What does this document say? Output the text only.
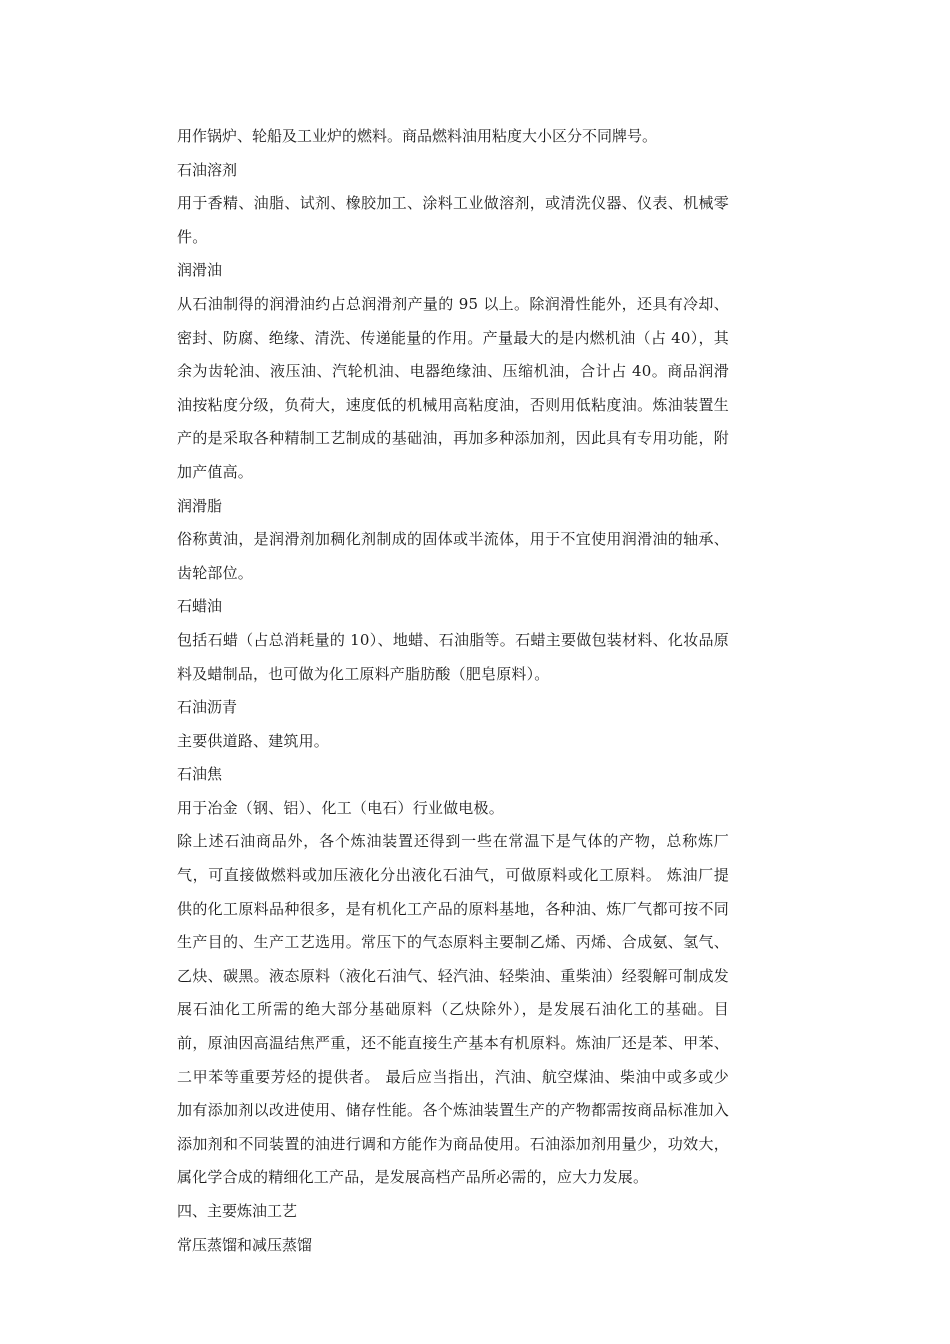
用作锅炉、轮船及工业炉的燃料。商品燃料油用粘度大小区分不同牌号。

石油溶剂

用于香精、油脂、试剂、橡胶加工、涂料工业做溶剂，或清洗仪器、仪表、机械零件。

润滑油

从石油制得的润滑油约占总润滑剂产量的 95 以上。除润滑性能外，还具有冷却、密封、防腐、绝缘、清洗、传递能量的作用。产量最大的是内燃机油（占 40），其余为齿轮油、液压油、汽轮机油、电器绝缘油、压缩机油，合计占 40。商品润滑油按粘度分级，负荷大，速度低的机械用高粘度油，否则用低粘度油。炼油装置生产的是采取各种精制工艺制成的基础油，再加多种添加剂，因此具有专用功能，附加产值高。

润滑脂

俗称黄油，是润滑剂加稠化剂制成的固体或半流体，用于不宜使用润滑油的轴承、齿轮部位。

石蜡油

包括石蜡（占总消耗量的 10）、地蜡、石油脂等。石蜡主要做包装材料、化妆品原料及蜡制品，也可做为化工原料产脂肪酸（肥皂原料）。

石油沥青

主要供道路、建筑用。

石油焦

用于冶金（钢、铝）、化工（电石）行业做电极。

除上述石油商品外，各个炼油装置还得到一些在常温下是气体的产物，总称炼厂气，可直接做燃料或加压液化分出液化石油气，可做原料或化工原料。 炼油厂提供的化工原料品种很多，是有机化工产品的原料基地，各种油、炼厂气都可按不同生产目的、生产工艺选用。常压下的气态原料主要制乙烯、丙烯、合成氨、氢气、乙炔、碳黑。液态原料（液化石油气、轻汽油、轻柴油、重柴油）经裂解可制成发展石油化工所需的绝大部分基础原料（乙炔除外），是发展石油化工的基础。目前，原油因高温结焦严重，还不能直接生产基本有机原料。炼油厂还是苯、甲苯、二甲苯等重要芳烃的提供者。 最后应当指出，汽油、航空煤油、柴油中或多或少加有添加剂以改进使用、储存性能。各个炼油装置生产的产物都需按商品标准加入添加剂和不同装置的油进行调和方能作为商品使用。石油添加剂用量少，功效大，属化学合成的精细化工产品，是发展高档产品所必需的，应大力发展。

四、主要炼油工艺

常压蒸馏和减压蒸馏
